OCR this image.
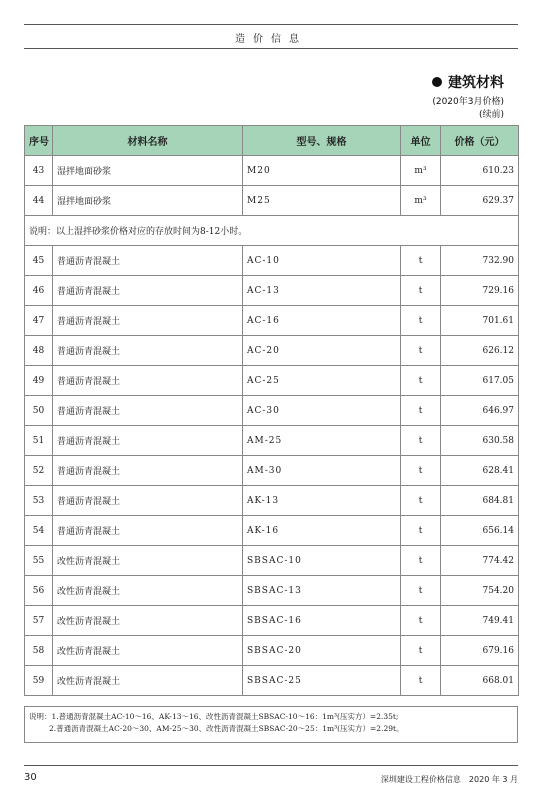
造价信息
建筑材料
(2020年3月价格)
(续前)
序号	材料名称	型号、规格	单位	价格（元）
43	湿拌地面砂浆	M20	m³	610.23
44	湿拌地面砂浆	M25	m³	629.37
说明：以上湿拌砂浆价格对应的存放时间为8-12小时。				
45	普通沥青混凝土	AC-10	t	732.90
46	普通沥青混凝土	AC-13	t	729.16
47	普通沥青混凝土	AC-16	t	701.61
48	普通沥青混凝土	AC-20	t	626.12
49	普通沥青混凝土	AC-25	t	617.05
50	普通沥青混凝土	AC-30	t	646.97
51	普通沥青混凝土	AM-25	t	630.58
52	普通沥青混凝土	AM-30	t	628.41
53	普通沥青混凝土	AK-13	t	684.81
54	普通沥青混凝土	AK-16	t	656.14
55	改性沥青混凝土	SBSAC-10	t	774.42
56	改性沥青混凝土	SBSAC-13	t	754.20
57	改性沥青混凝土	SBSAC-16	t	749.41
58	改性沥青混凝土	SBSAC-20	t	679.16
59	改性沥青混凝土	SBSAC-25	t	668.01
说明：1.普通沥青混凝土AC-10～16、AK-13～16、改性沥青混凝土SBSAC-10～16：1m³(压实方）=2.35t;
2.普通沥青混凝土AC-20～30、AM-25～30、改性沥青混凝土SBSAC-20～25：1m³(压实方）=2.29t。
30	深圳建设工程价格信息　2020 年 3 月
